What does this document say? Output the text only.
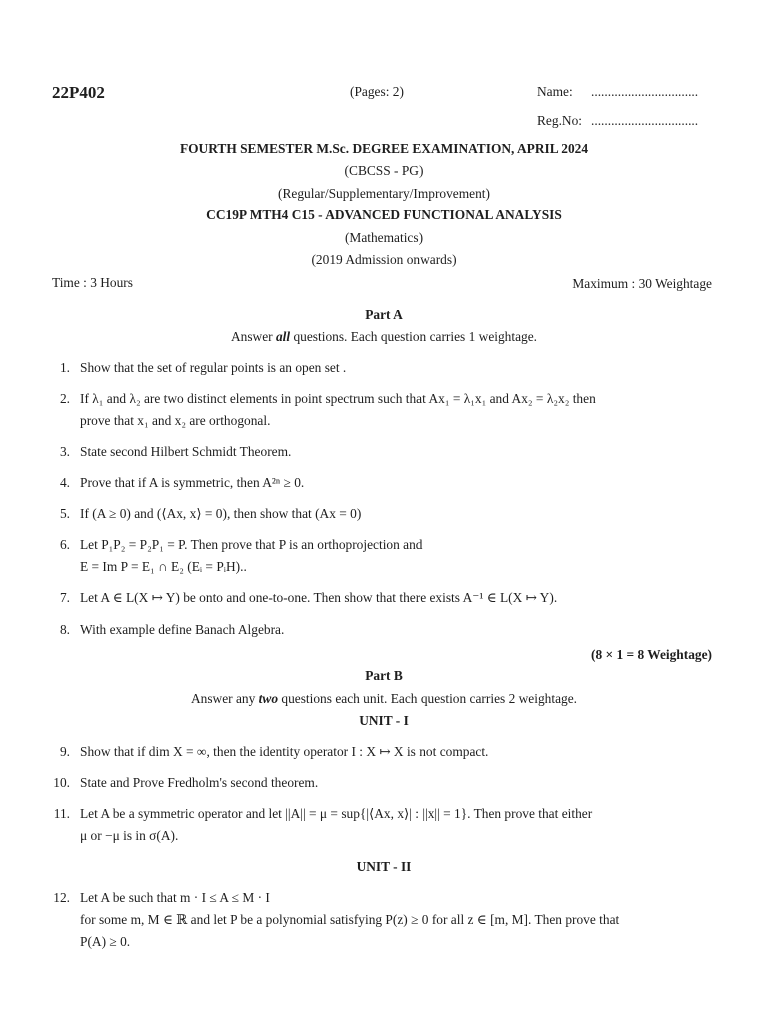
22P402	(Pages: 2)	Name: ................................
Reg.No: ................................
FOURTH SEMESTER M.Sc. DEGREE EXAMINATION, APRIL 2024
(CBCSS - PG)
(Regular/Supplementary/Improvement)
CC19P MTH4 C15 - ADVANCED FUNCTIONAL ANALYSIS
(Mathematics)
(2019 Admission onwards)
Time : 3 Hours	Maximum : 30 Weightage
Part A
Answer all questions. Each question carries 1 weightage.
1. Show that the set of regular points is an open set .
2. If λ₁ and λ₂ are two distinct elements in point spectrum such that Ax₁ = λ₁x₁ and Ax₂ = λ₂x₂ then
prove that x₁ and x₂ are orthogonal.
3. State second Hilbert Schmidt Theorem.
4. Prove that if A is symmetric, then A²ⁿ ≥ 0.
5. If (A ≥ 0) and (⟨Ax, x⟩ = 0), then show that (Ax = 0)
6. Let P₁P₂ = P₂P₁ = P. Then prove that P is an orthoprojection and
E = Im P = E₁ ∩ E₂ (Eᵢ = PᵢH)..
7. Let A ∈ L(X ↦ Y) be onto and one-to-one. Then show that there exists A⁻¹ ∈ L(X ↦ Y).
8. With example define Banach Algebra.
(8 × 1 = 8 Weightage)
Part B
Answer any two questions each unit. Each question carries 2 weightage.
UNIT - I
9. Show that if dim X = ∞, then the identity operator I : X ↦ X is not compact.
10. State and Prove Fredholm's second theorem.
11. Let A be a symmetric operator and let ||A|| = μ = sup{|⟨Ax, x⟩| : ||x|| = 1}. Then prove that either
μ or −μ is in σ(A).
UNIT - II
12. Let A be such that m · I ≤ A ≤ M · I
for some m, M ∈ ℝ and let P be a polynomial satisfying P(z) ≥ 0 for all z ∈ [m, M]. Then prove that
P(A) ≥ 0.
